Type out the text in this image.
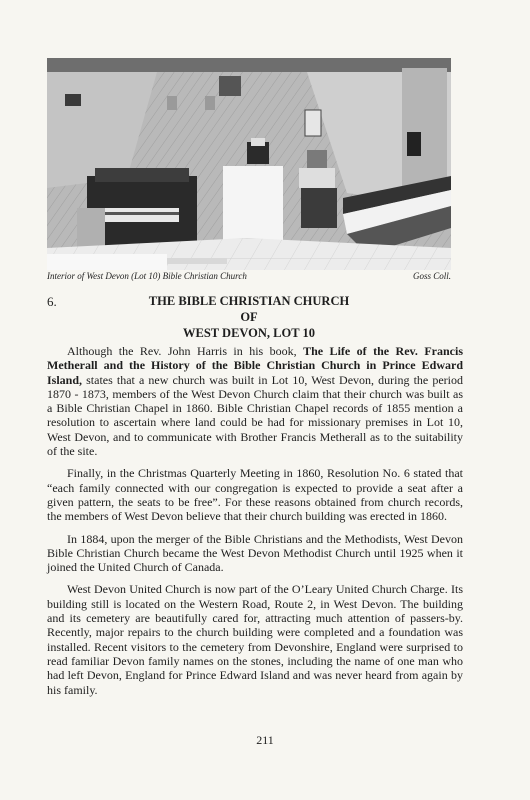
Interior of West Devon (Lot 10) Bible Christian Church	Goss Coll.
6.	THE BIBLE CHRISTIAN CHURCH
OF
WEST DEVON, LOT 10

Although the Rev. John Harris in his book, The Life of the Rev. Francis Metherall and the History of the Bible Christian Church in Prince Edward Island, states that a new church was built in Lot 10, West Devon, during the period 1870 - 1873, members of the West Devon Church claim that their church was built as a Bible Christian Chapel in 1860. Bible Christian Chapel records of 1855 mention a resolution to ascertain where land could be had for missionary premises in Lot 10, West Devon, and to communicate with Brother Francis Metherall as to the suitability of the site.

Finally, in the Christmas Quarterly Meeting in 1860, Resolution No. 6 stated that “each family connected with our congregation is expected to provide a seat after a given pattern, the seats to be free”. For these reasons obtained from church records, the members of West Devon believe that their church building was erected in 1860.

In 1884, upon the merger of the Bible Christians and the Methodists, West Devon Bible Christian Church became the West Devon Methodist Church until 1925 when it joined the United Church of Canada.

West Devon United Church is now part of the O’Leary United Church Charge. Its building still is located on the Western Road, Route 2, in West Devon. The building and its cemetery are beautifully cared for, attracting much attention of passers-by. Recently, major repairs to the church building were completed and a foundation was installed. Recent visitors to the cemetery from Devonshire, England were surprised to read familiar Devon family names on the stones, including the name of one man who had left Devon, England for Prince Edward Island and was never heard from again by his family.

211
